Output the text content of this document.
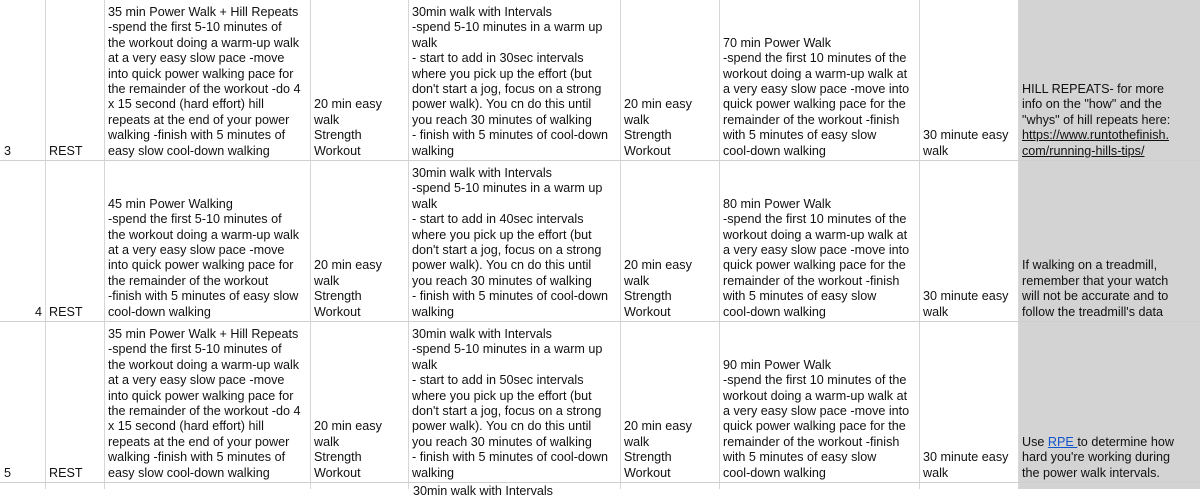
3	REST
35 min Power Walk + Hill Repeats
-spend the first 5-10 minutes of
the workout doing a warm-up walk
at a very easy slow pace -move
into quick power walking pace for
the remainder of the workout -do 4
x 15 second (hard effort) hill
repeats at the end of your power
walking -finish with 5 minutes of
easy slow cool-down walking
20 min easy
walk
Strength
Workout
30min walk with Intervals
-spend 5-10 minutes in a warm up
walk
- start to add in 30sec intervals
where you pick up the effort (but
don't start a jog, focus on a strong
power walk). You cn do this until
you reach 30 minutes of walking
- finish with 5 minutes of cool-down
walking
20 min easy
walk
Strength
Workout
70 min Power Walk
-spend the first 10 minutes of the
workout doing a warm-up walk at
a very easy slow pace -move into
quick power walking pace for the
remainder of the workout -finish
with 5 minutes of easy slow
cool-down walking
30 minute easy
walk
HILL REPEATS- for more
info on the "how" and the
"whys" of hill repeats here:
https://www.runtothefinish.
com/running-hills-tips/
4 REST
45 min Power Walking
-spend the first 5-10 minutes of
the workout doing a warm-up walk
at a very easy slow pace -move
into quick power walking pace for
the remainder of the workout
-finish with 5 minutes of easy slow
cool-down walking
20 min easy
walk
Strength
Workout
30min walk with Intervals
-spend 5-10 minutes in a warm up
walk
- start to add in 40sec intervals
where you pick up the effort (but
don't start a jog, focus on a strong
power walk). You cn do this until
you reach 30 minutes of walking
- finish with 5 minutes of cool-down
walking
20 min easy
walk
Strength
Workout
80 min Power Walk
-spend the first 10 minutes of the
workout doing a warm-up walk at
a very easy slow pace -move into
quick power walking pace for the
remainder of the workout -finish
with 5 minutes of easy slow
cool-down walking
30 minute easy
walk
If walking on a treadmill,
remember that your watch
will not be accurate and to
follow the treadmill's data
5	REST
35 min Power Walk + Hill Repeats
-spend the first 5-10 minutes of
the workout doing a warm-up walk
at a very easy slow pace -move
into quick power walking pace for
the remainder of the workout -do 4
x 15 second (hard effort) hill
repeats at the end of your power
walking -finish with 5 minutes of
easy slow cool-down walking
20 min easy
walk
Strength
Workout
30min walk with Intervals
-spend 5-10 minutes in a warm up
walk
- start to add in 50sec intervals
where you pick up the effort (but
don't start a jog, focus on a strong
power walk). You cn do this until
you reach 30 minutes of walking
- finish with 5 minutes of cool-down
walking
20 min easy
walk
Strength
Workout
90 min Power Walk
-spend the first 10 minutes of the
workout doing a warm-up walk at
a very easy slow pace -move into
quick power walking pace for the
remainder of the workout -finish
with 5 minutes of easy slow
cool-down walking
30 minute easy
walk
Use RPE to determine how
hard you're working during
the power walk intervals.
30min walk with Intervals
